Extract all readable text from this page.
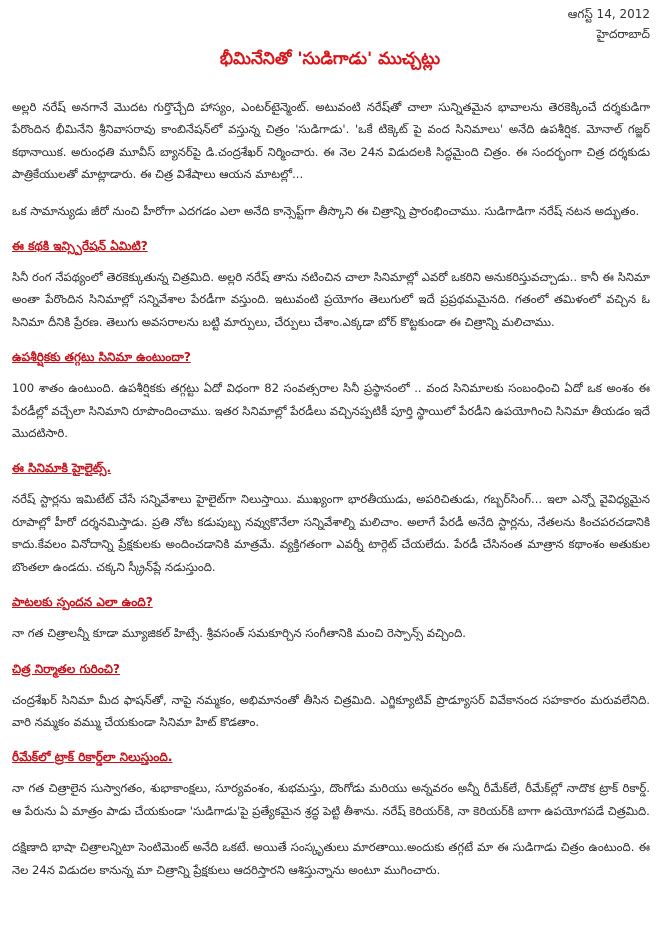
ఆగస్ట్ 14, 2012
హైదరాబాద్
భీమినేనితో 'సుడిగాడు' ముచ్చట్లు

అల్లరి నరేష్ అనగానే మొదట గుర్తొచ్చేది హాస్యం, ఎంటర్‌టైన్మెంట్. అటువంటి నరేష్‌తో చాలా సున్నితమైన భావాలను తెరకెక్కించే దర్శకుడిగా పేరొందిన భీమినేని శ్రీనివాసరావు కాంబినేషన్‌లో వస్తున్న చిత్రం 'సుడిగాడు'. 'ఒకే టిక్కెట్ పై వంద సినిమాలు' అనేది ఉపశీర్షిక. మోనాల్ గజ్జర్ కథానాయిక. అరుంధతి మూవీస్ బ్యానర్‌పై డి.చంద్రశేఖర్ నిర్మించారు. ఈ నెల 24న విడుదలకి సిద్ధమైంది చిత్రం. ఈ సందర్భంగా చిత్ర దర్శకుడు పాత్రికేయులతో మాట్లాడారు. ఈ చిత్ర విశేషాలు ఆయన మాటల్లో...

ఒక సామాన్యుడు జీరో నుంచి హీరోగా ఎదగడం ఎలా అనేది కాన్సెప్ట్‌గా తీస్కొని ఈ చిత్రాన్ని ప్రారంభించాము. సుడిగాడిగా నరేష్ నటన అద్భుతం.

ఈ కథకి ఇన్స్పిరేషన్ ఏమిటి?

సినీ రంగ నేపథ్యంలో తెరకెక్కుతున్న చిత్రమిది. అల్లరి నరేష్ తాను నటించిన చాలా సినిమాల్లో ఎవరో ఒకరిని అనుకరిస్తువచ్చాడు.. కానీ ఈ సినిమా అంతా పేరొందిన సినిమాల్లో సన్నివేశాల పేరడీగా వస్తుంది. ఇటువంటి ప్రయోగం తెలుగులో ఇదే ప్రప్రథమమైనది. గతంలో తమిళంలో వచ్చిన ఓ సినిమా దీనికి ప్రేరణ. తెలుగు అవసరాలను బట్టి మార్పులు, చేర్పులు చేశాం.ఎక్కడా బోర్ కొట్టకుండా ఈ చిత్రాన్ని మలిచాము.

ఉపశీర్షికకు తగ్గటు సినిమా ఉంటుందా?

100 శాతం ఉంటుంది. ఉపశీర్షికకు తగ్గట్టు ఏదో విధంగా 82 సంవత్సరాల సినీ ప్రస్థానంలో .. వంద సినిమాలకు సంబంధించి ఏదో ఒక అంశం ఈ పేరడీల్లో వచ్చేలా సినిమాని రూపొందించాము. ఇతర సినిమాల్లో పేరడీలు వచ్చినప్పటికీ పూర్తి స్థాయిలో పేరడీని ఉపయోగించి సినిమా తీయడం ఇదే మొదటిసారి.

ఈ సినిమాకి హైలైట్స్.

నరేష్ స్టార్లను ఇమిటేట్ చేసే సన్నివేశాలు హైలైట్‌గా నిలుస్తాయి. ముఖ్యంగా భారతీయుడు, అపరిచితుడు, గబ్బర్‌సింగ్... ఇలా ఎన్నో వైవిధ్యమైన రూపాల్లో హీరో దర్శనమిస్తాడు. ప్రతి నోట కడుపుబ్బ నవ్వుకొనేలా సన్నివేశాల్ని మలిచాం. అలాగే పేరడీ అనేది స్టార్లను, నేతలను కించపరచడానికి కాదు.కేవలం వినోదాన్ని ప్రేక్షకులకు అందించడానికి మాత్రమే. వ్యక్తిగతంగా ఎవర్నీ టార్గెట్ చేయలేదు. పేరడీ చేసినంత మాత్రాన కథాంశం అతుకుల బొంతలా ఉండదు. చక్కని స్క్రీన్‌ప్లే నడుస్తుంది.

పాటలకు స్పందన ఎలా ఉంది?

నా గత చిత్రాలన్నీ కూడా మ్యూజికల్ హిట్సే. శ్రీవసంత్ సమకూర్చిన సంగీతానికి మంచి రెస్పాన్స్ వచ్చింది.

చిత్ర నిర్మాతల గురించి?

చంద్రశేఖర్ సినిమా మీద ఫాషన్‌తో, నాపై నమ్మకం, అభిమానంతో తీసిన చిత్రమిది. ఎగ్జిక్యూటివ్ ప్రొడ్యూసర్ వివేకానంద సహకారం మరువలేనిది. వారి నమ్మకం వమ్ము చేయకుండా సినిమా హిట్ కొడతాం.

రీమేక్‌లో ట్రాక్ రికార్డ్‌లా నిలుస్తుంది.

నా గత చిత్రాలైన సుస్వాగతం, శుభాకాంక్షలు, సూర్యవంశం, శుభమస్తు, దొంగోడు మరియు అన్నవరం అన్నీ రీమేక్‌లే, రీమేక్‌ల్లో నాదొక ట్రాక్ రికార్డ్. ఆ పేరును ఏ మాత్రం పాడు చేయకుండా 'సుడిగాడు'పై ప్రత్యేకమైన శ్రద్ధ పెట్టి తీశాను. నరేష్ కెరియర్‌కి, నా కెరియర్‌కి బాగా ఉపయోగపడే చిత్రమిది.

దక్షిణాది భాషా చిత్రాలన్నిటా సెంటిమెంట్ అనేది ఒకటే. అయితే సంస్కృతులు మారతాయి.అందుకు తగ్గటే మా ఈ సుడిగాడు చిత్రం ఉంటుంది. ఈ నెల 24న విడుదల కానున్న మా చిత్రాన్ని ప్రేక్షకులు ఆదరిస్తారని ఆశిస్తున్నాను అంటూ ముగించారు.
